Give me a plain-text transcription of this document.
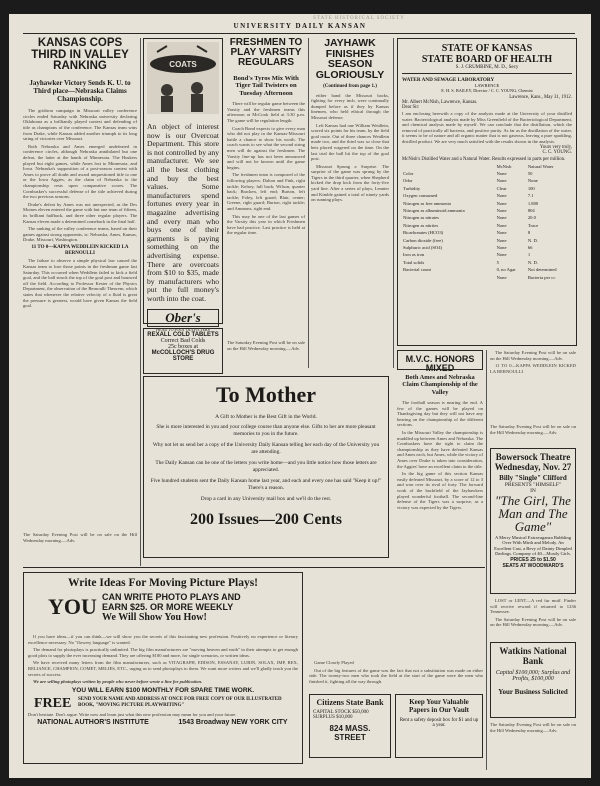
STATE HISTORICAL SOCIETY
UNIVERSITY DAILY KANSAN
KANSAS COPS THIRD IN VALLEY RANKING
Jayhawker Victory Sends K. U. to Third place—Nebraska Claims Championship.

The gridiron campaign in Missouri valley conference circles ended Saturday with Nebraska university declaring Oklahoma as a brilliantly played contest and defending of title as champions of the conference. The Kansas team wins from Drake, while Kansas added another triumph to its long string of victories over Missouri.

Both Nebraska and Ames emerged undefeated in conference circles, although Nebraska annihilated but one defeat, the latter at the hands of Minnesota. The Huskers played but eight games, while Ames lost to Minnesota, and Iowa. Nebraska's supposition of a post-season contest with Ames to prove all doubt and award unquestioned title to one or the Iowa Aggies, as the claim of Nebraska to the championship rests upon comparative scores. The Cornhusker's successful defense of the title achieved during the two previous seasons.

Drake's defeat by Ames was not unexpected, as the Des Moines eleven entered the game with but one team of fifteen, its brilliant halfback, and three other regular players. The Kansas eleven made a determined comeback in the final half.

The ranking of the valley conference teams, based on their games against strong opponents, is: Nebraska, Ames, Kansas, Drake, Missouri, Washington.

11 TO 0—KAPPA WEDDLEIN KICKED LA BERNOULLI

The failure to observe a simple physical law caused the Kansas team to lose those points in the freshman game last Saturday. This occurred when Weddlein failed to kick a field goal, and the ball struck the top of the goal post and bounced off the field. According to Professor Kester of the Physics Department, the observation of the Bernoulli Theorem, which states that whenever the relative velocity of a fluid is great the pressure is greatest, would have given Kansas the field goal.

The Saturday Evening Post will be on sale on the Hill Wednesday morning.—Adv.
COATS
An object of interest now is our Overcoat Department. This store is not controlled by any manufacturer. We see all the best clothing and buy the best values. Some manufacturers spend fortunes every year in magazine advertising and every man who buys one of their garments is paying something on the advertising expense. There are overcoats from $10 to $35, made by manufacturers who put the full money's worth into the coat.
Ober's
HEAD TO FOOT OUTFITTERS
REXALL COLD TABLETS
Correct Bad Colds
25c boxes at
McCOLLOCH'S DRUG STORE
FRESHMEN TO PLAY VARSITY REGULARS
Bond's Tyros Mix With Tiger Tail Twisters on Tuesday Afternoon

There will be regular game between the Varsity and the freshmen teams this afternoon at McCook field at 3:30 p.m. The game will be regulation length.

Coach Bond expects to give every man who did not play in the Kansas-Missouri battle a chance to show his worth. The coach wants to see what the second string men will do against the freshmen. The Varsity line-up has not been announced and will not be known until the game begins.

The freshmen team is composed of the following players: Dalton and Fink, right tackle; Kelsey, full back; Wilson, quarter back; Bracken, left end; Burton, left tackle; Foley, left guard; Blair, center; Greene, right guard; Burton, right tackle; and Ammons, right end.

This may be one of the last games of the Varsity this year in which Freshmen have had practice. Last practice is held at the regular time.

The Saturday Evening Post will be on sale on the Hill Wednesday morning.—Adv.
JAYHAWK FINISHES SEASON GLORIOUSLY
(Continued from page 1.)

either band the Missouri backs, fighting for every inch, were continually dumped before as if they by Kansas linemen, who held ethical through the Missouri defense.

Left Kansas had one William Weidlein, scored six points for his team, by the field goal route. Out of three chances Weidlein made two, and the third was so close that bets placed wagered on the time. On the last trial the ball hit the top of the goal post.

Missouri Sprung a Surprise. The surprise of the game was sprung by the Tigers in the third quarter, when Shepherd kicked the drop kick from the forty-five yard line. After a series of plays, Lennier and Kimble gained a total of ninety yards on running plays.

STATE OF KANSAS
STATE BOARD OF HEALTH
S. J. CRUMBINE, M. D., Secy
WATER AND SEWAGE LABORATORY
LAWRENCE
E. H. S. BAILEY, Director / C. C. YOUNG, Chemist
Lawrence, Kans., May 31, 1912.
Mr. Albert McNish, Lawrence, Kansas.
Dear Sir:
I am enclosing herewith a copy of the analysis made at the University of your distilled water. Bacteriological analysis made by Miss Greenfield of the Bacteriological Department, and chemical analysis made by myself. We can conclude that the distillation, which the removal of practically all bacteria, and positive purity. As far as the distillation of the water, it seems to be of nature and all organic matter that is not gaseous, leaving a pure sparkling, distilled product. We are very much satisfied with the results shown in the analysis.
Yours very truly,
C. C. YOUNG.
McNish's Distilled Water and a Natural Water. Results expressed in parts per million.
	McNish	Natural Water
Color	None	50
Odor	None	None
Turbidity	Clear	100
Oxygen consumed	None	7.1
Nitrogen as free ammonia	None	1.800
Nitrogen as albuminoid ammonia	None	804
Nitrogen as nitrates	None	20.0
Nitrogen as nitrites	None	Trace
Bicarbonates (HCO3)	None	8
Carbon dioxide (free)	None	N. D.
Sulphuric acid (SO4)	None	66
Iron as iron	None	1
Total solids	5	N. D.
Bacterial count	0, no Agar	Not determined
	None	Bacteria per cc
M.V.C. HONORS MIXED
Both Ames and Nebraska Claim Championship of the Valley

The football season is nearing the end. A few of the games will be played on Thanksgiving day but they will not have any bearing on the championship of the different sections.

In the Missouri Valley the championship is muddled up between Ames and Nebraska. The Cornhuskers have the right to claim the championship as they have defeated Kansas and Ames each, but Ames, while the victory of Ames over Drake is taken into consideration, the Aggies' have an excellent claim to the title.

In the big game of this section Kansas easily defeated Missouri, by a score of 12 to 3 and won over its rival of forty. The forward work of the backfield of the Jayhawkers played wonderful football. The second-line defense of the Tigers was a surprise, as a victory was expected by the Tigers.

The Saturday Evening Post will be on sale on the Hill Wednesday morning.—Adv.

11 TO 0—KAPPA WEDDLEIN KICKED LA BERNOULLI

The Saturday Evening Post will be on sale on the Hill Wednesday morning.—Adv.
Bowersock Theatre
Wednesday, Nov. 27
Billy "Single" Clifford
PRESENTS "HIMSELF"
IN
"The Girl, The Man and The Game"
A Merry Musical Extravaganza Bubbling Over With Mirth and Melody. An Excellent Cast, a Bevy of Dainty Dimpled Darlings. Company of 40—Mostly Girls.
PRICES 25 to $1.50
SEATS AT WOODWARD'S

LOST or LENT—A red fur muff. Finder will receive reward if returned to 1236 Tennessee.

The Saturday Evening Post will be on sale on the Hill Wednesday morning.—Adv.

Watkins National Bank
Capital $100,000; Surplus and Profits, $100,000
Your Business Solicited
The Saturday Evening Post will be on sale on the Hill Wednesday morning.—Adv.
To Mother
A Gift to Mother is the Best Gift in the World.

She is more interested in you and your college course than anyone else. Gifts to her are more pleasant memories to you in the future.

Why not let us send her a copy of the University Daily Kansan telling her each day of the University you are attending.

The Daily Kansan can be one of the letters you write home—and you little notice how those letters are appreciated.

Five hundred students sent the Daily Kansan home last year, and each and every one has said "Keep it up!" There's a reason.

Drop a card in any University mail box and we'll do the rest.

200 Issues—200 Cents
Write Ideas For Moving Picture Plays!
YOU CAN WRITE PHOTO PLAYS AND
EARN $25. OR MORE WEEKLY
We Will Show You How!

If you have ideas—if you can think—we will show you the secrets of this fascinating new profession. Positively no experience or literary excellence necessary. No "flowery language" is wanted.

The demand for photoplays is practically unlimited. The big film manufacturers are "moving heaven and earth" in their attempts to get enough good plots to supply the ever increasing demand. They are offering $100 and more, for single scenarios, or written ideas.

We have received many letters from the film manufacturers, such as VITAGRAPH, EDISON, ESSANAY, LUBIN, SOLAX, IMP, REX, RELIANCE, CHAMPION, COMET, MELIES, ETC., urging us to send photoplays to them. We want more writers and we'll gladly teach you the secrets of success.

We are selling photoplays written by people who never before wrote a line for publication.

YOU WILL EARN $100 MONTHLY FOR SPARE TIME WORK.
FREE SEND YOUR NAME AND ADDRESS AT ONCE FOR FREE COPY OF OUR ILLUSTRATED BOOK, "MOVING PICTURE PLAYWRITING"
Don't hesitate. Don't argue. Write now and learn just what this new profession may mean for you and your future.
NATIONAL AUTHOR'S INSTITUTE	1543 Broadway NEW YORK CITY
Citizens State Bank
CAPITAL STOCK $50,000
SURPLUS $10,000
824 MASS. STREET
Keep Your Valuable Papers in Our Vault
Rent a safety deposit box for $1 and up a year.

Game Closely Played

Out of the big features of the game was the fact that not a substitution was made on either side. The twenty-two men who took the field at the start of the game were the men who finished it, fighting all the way through.
